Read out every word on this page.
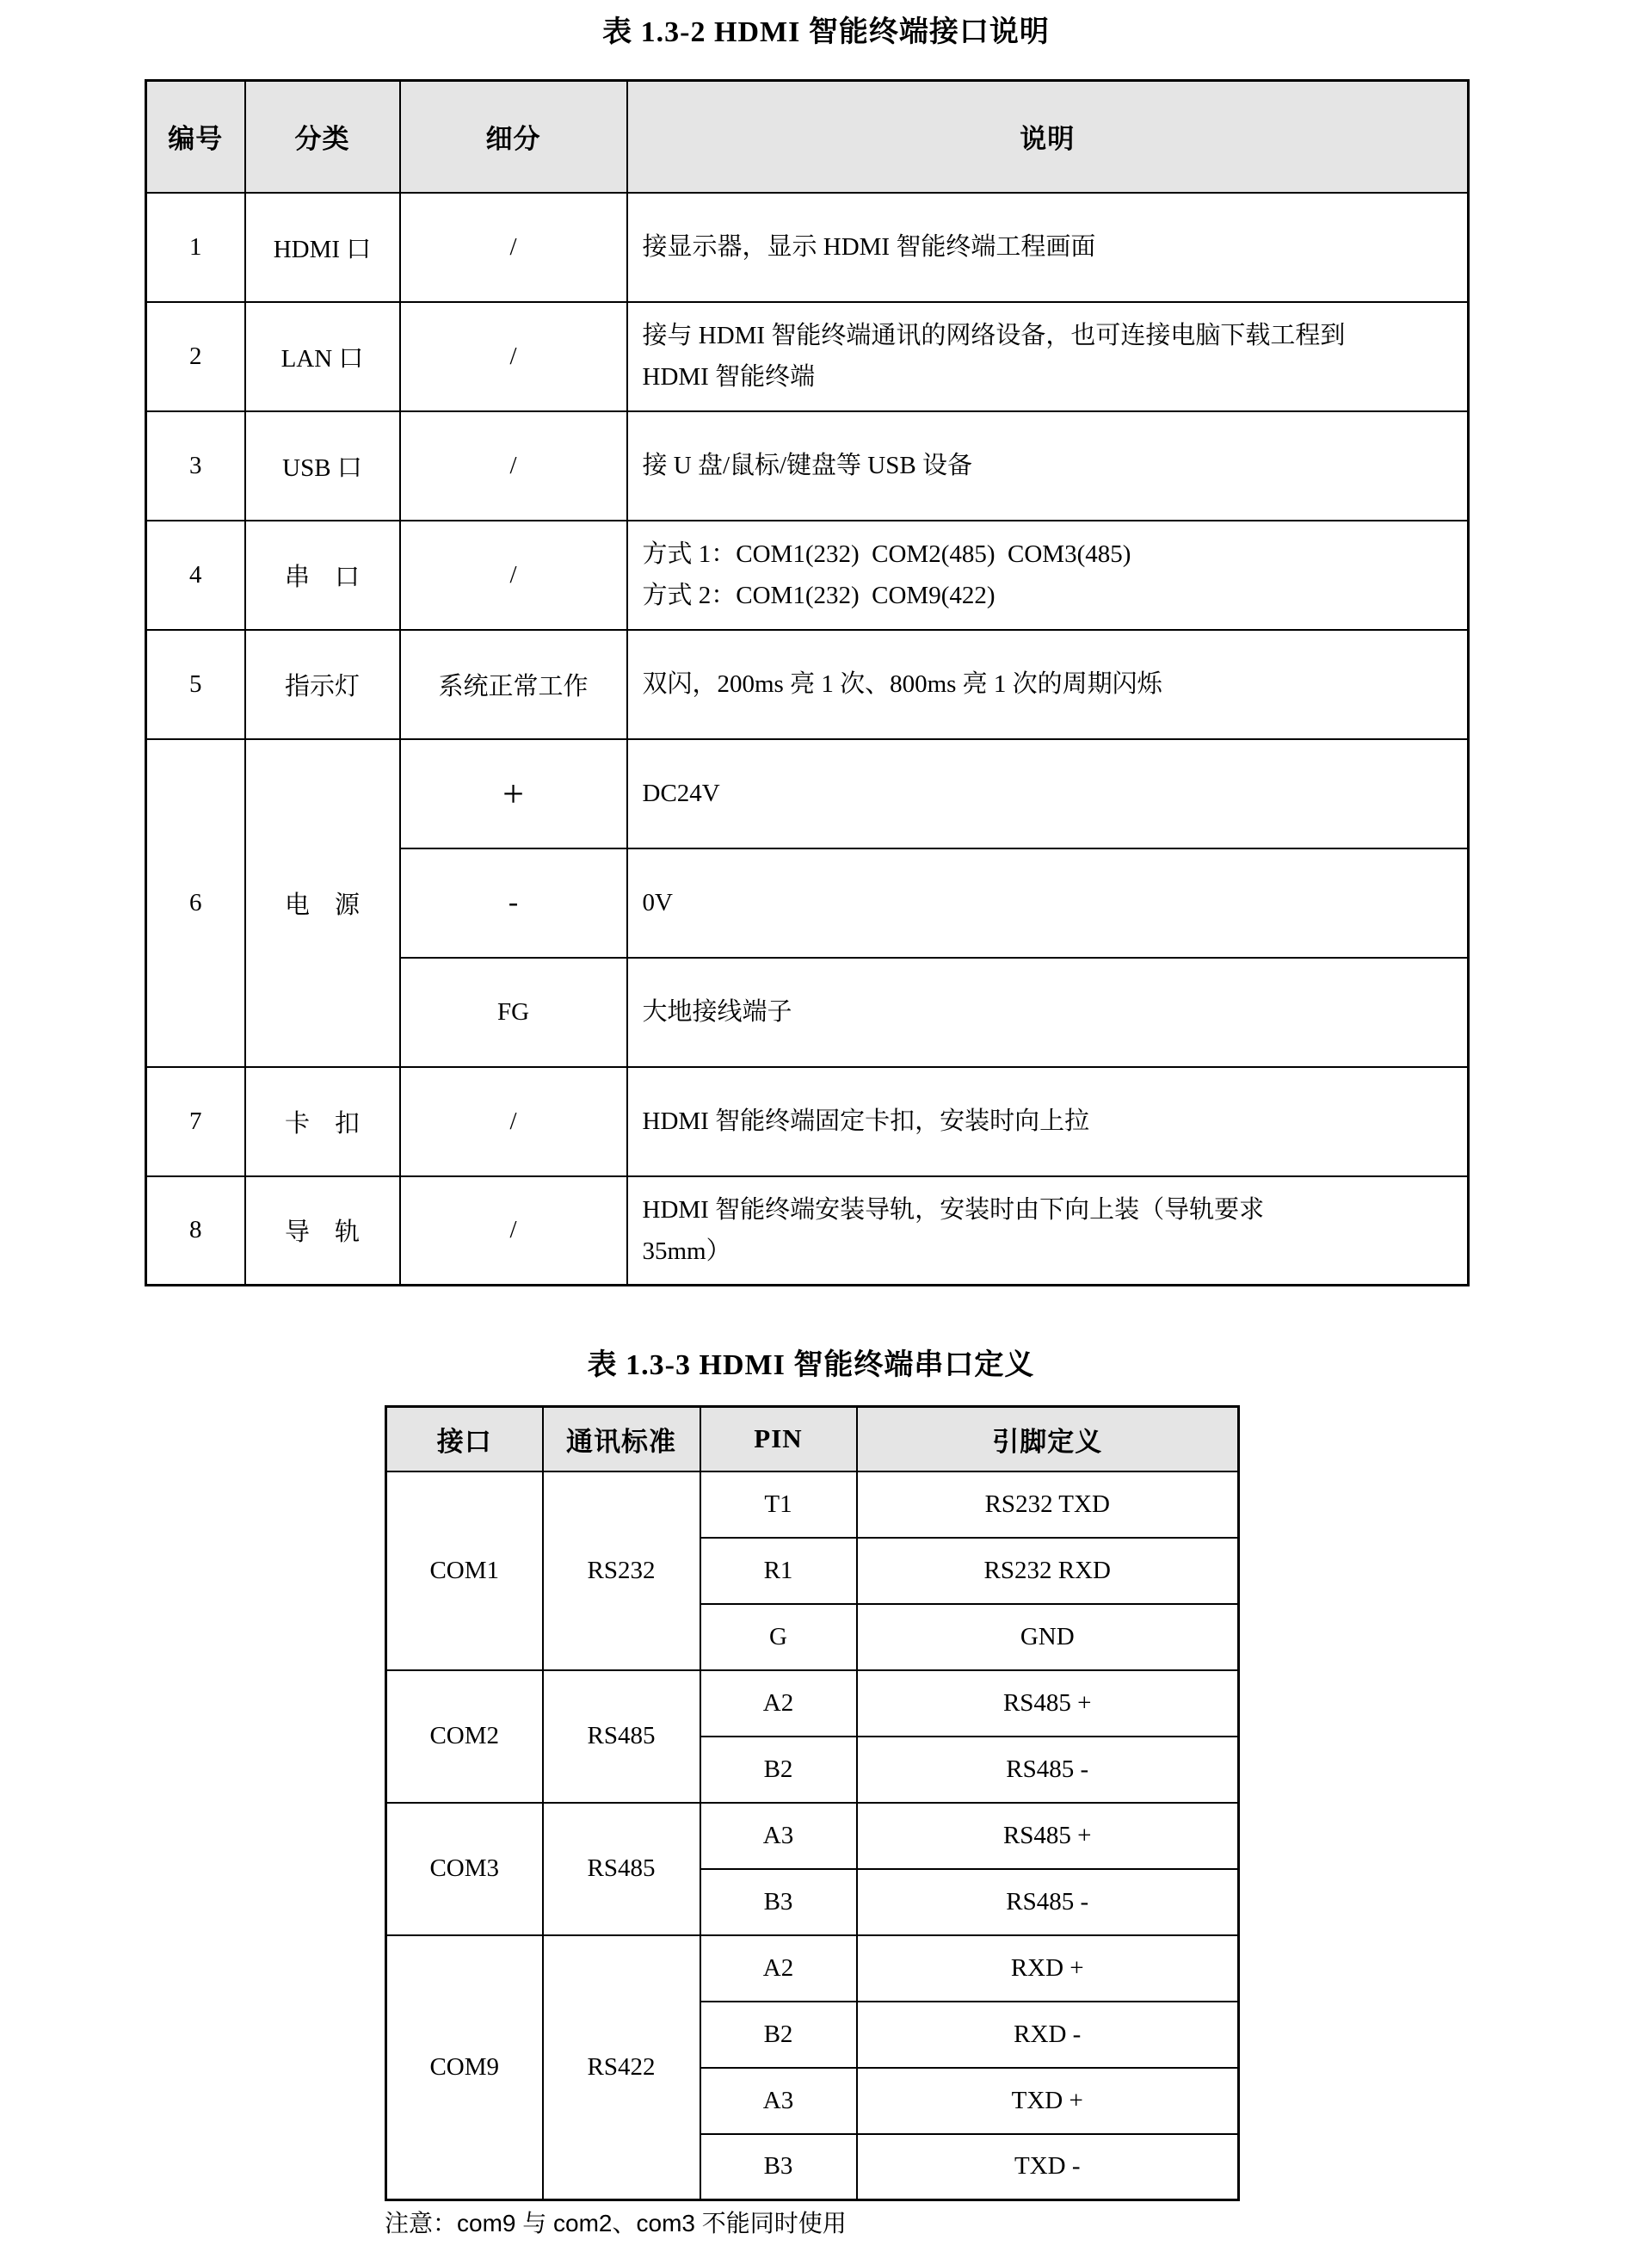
表 1.3-2 HDMI 智能终端接口说明
编号	分类	细分	说明
1	HDMI 口	/	接显示器，显示 HDMI 智能终端工程画面

2	LAN 口	/	接与 HDMI 智能终端通讯的网络设备，也可连接电脑下载工程到
HDMI 智能终端

3	USB 口	/	接 U 盘/鼠标/键盘等 USB 设备

4	串　口	/	方式 1：COM1(232)  COM2(485)  COM3(485)
方式 2：COM1(232)  COM9(422)

5	指示灯	系统正常工作	双闪，200ms 亮 1 次、800ms 亮 1 次的周期闪烁

6	电　源	+	DC24V

		-	0V

		FG	大地接线端子

7	卡　扣	/	HDMI 智能终端固定卡扣，安装时向上拉

8	导　轨	/	HDMI 智能终端安装导轨，安装时由下向上装（导轨要求
35mm）
表 1.3-3 HDMI 智能终端串口定义
接口	通讯标准	PIN	引脚定义
COM1	RS232	T1	RS232 TXD
		R1	RS232 RXD
		G	GND
COM2	RS485	A2	RS485 +
		B2	RS485 -
COM3	RS485	A3	RS485 +
		B3	RS485 -
COM9	RS422	A2	RXD +
		B2	RXD -
		A3	TXD +
		B3	TXD -
注意：com9 与 com2、com3 不能同时使用
